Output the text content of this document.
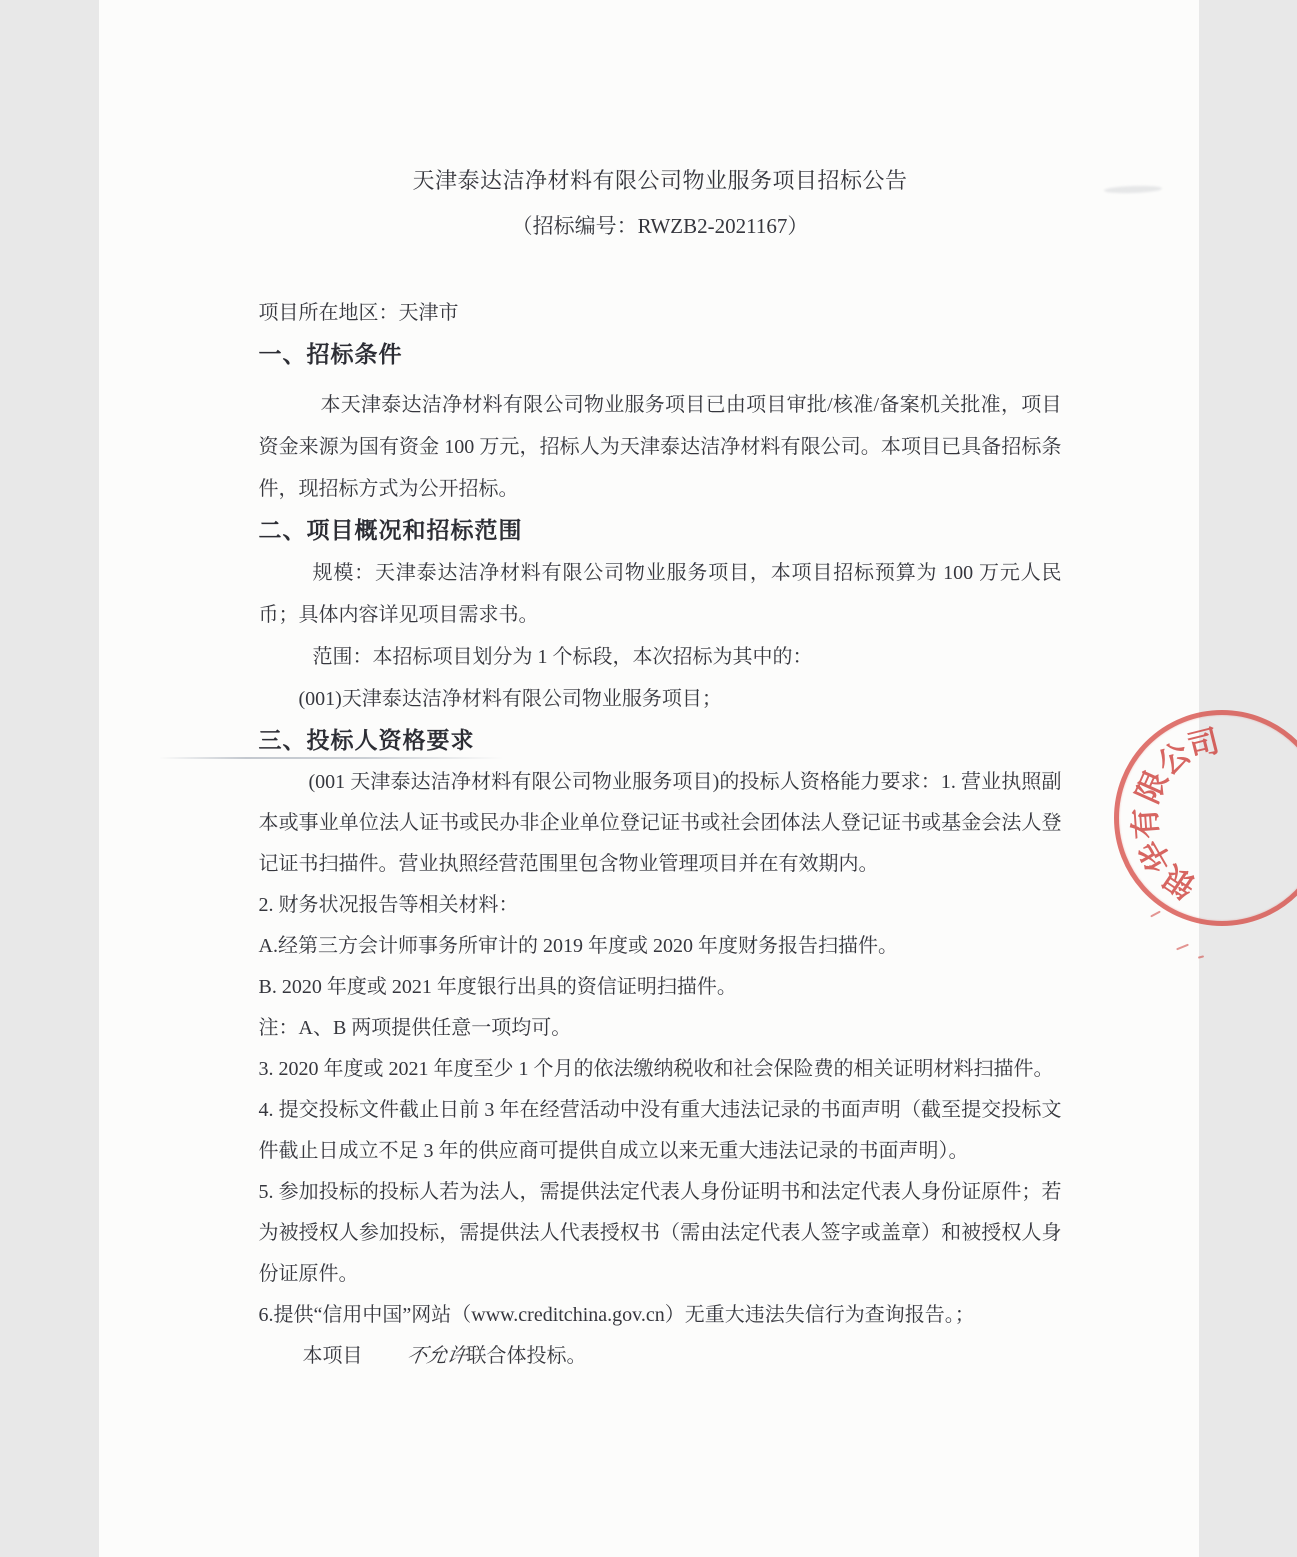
天津泰达洁净材料有限公司物业服务项目招标公告
（招标编号：RWZB2-2021167）

项目所在地区：天津市

一、招标条件

本天津泰达洁净材料有限公司物业服务项目已由项目审批/核准/备案机关批准，项目资金来源为国有资金 100 万元，招标人为天津泰达洁净材料有限公司。本项目已具备招标条件，现招标方式为公开招标。

二、项目概况和招标范围

规模：天津泰达洁净材料有限公司物业服务项目，本项目招标预算为 100 万元人民币；具体内容详见项目需求书。

范围：本招标项目划分为 1 个标段，本次招标为其中的：

(001)天津泰达洁净材料有限公司物业服务项目；

三、投标人资格要求

(001 天津泰达洁净材料有限公司物业服务项目)的投标人资格能力要求：1. 营业执照副本或事业单位法人证书或民办非企业单位登记证书或社会团体法人登记证书或基金会法人登记证书扫描件。营业执照经营范围里包含物业管理项目并在有效期内。

2. 财务状况报告等相关材料：

A.经第三方会计师事务所审计的 2019 年度或 2020 年度财务报告扫描件。

B. 2020 年度或 2021 年度银行出具的资信证明扫描件。

注：A、B 两项提供任意一项均可。

3. 2020 年度或 2021 年度至少 1 个月的依法缴纳税收和社会保险费的相关证明材料扫描件。

4. 提交投标文件截止日前 3 年在经营活动中没有重大违法记录的书面声明（截至提交投标文件截止日成立不足 3 年的供应商可提供自成立以来无重大违法记录的书面声明）。

5. 参加投标的投标人若为法人，需提供法定代表人身份证明书和法定代表人身份证原件；若为被授权人参加投标，需提供法人代表授权书（需由法定代表人签字或盖章）和被授权人身份证原件。

6.提供“信用中国”网站（www.creditchina.gov.cn）无重大违法失信行为查询报告。；

本项目 不允许联合体投标。

银
华
有
限
公
司
